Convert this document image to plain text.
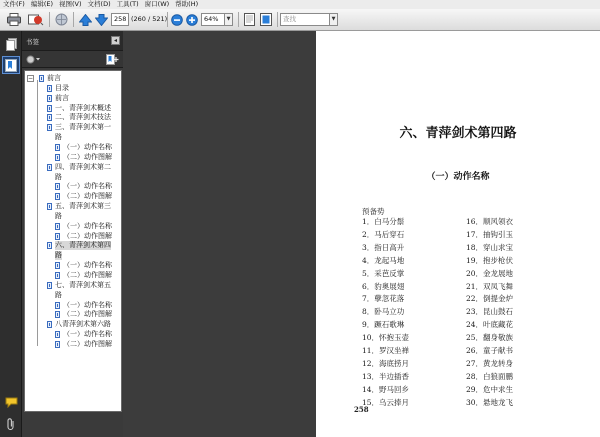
文件(F) 编辑(E) 视图(V) 文档(D) 工具(T) 窗口(W) 帮助(H)
258 (260 / 521)	64%	▼	查找	▼
书签	◂
− 前言
目录
前言
一、青萍剑术概述
二、青萍剑术技法
三、青萍剑术第一
路
（一）动作名称
（二）动作图解
四、青萍剑术第二
路
（一）动作名称
（二）动作图解
五、青萍剑术第三
路
（一）动作名称
（二）动作图解
六、青萍剑术第四
路
（一）动作名称
（二）动作图解
七、青萍剑术第五
路
（一）动作名称
（二）动作图解
八青萍剑术第六路
（一）动作名称
（二）动作图解
六、青萍剑术第四路
（一）动作名称
预备势
1．白马分鬃
2．马后穿石
3．指日高升
4．龙起马地
5．采芭反掌
6．豹奥展翅
7．孽忽花落
8．卧马立功
9．蹶石歌琳
10．怀抱玉壶
11．罗汉坐禅
12．海底捞月
13．半边插香
14．野马回乡
15．乌云捧月
16．顺风领衣
17．抽钩引玉
18．穿山求宝
19．抱步枪伏
20．金龙展地
21．双凤飞舞
22．倒提金炉
23．昆山鼓石
24．叶底藏花
25．翻身敬族
26．童子献书
27．黄龙转身
28．白狼面鹏
29．危中求生
30．悬地龙飞
258
